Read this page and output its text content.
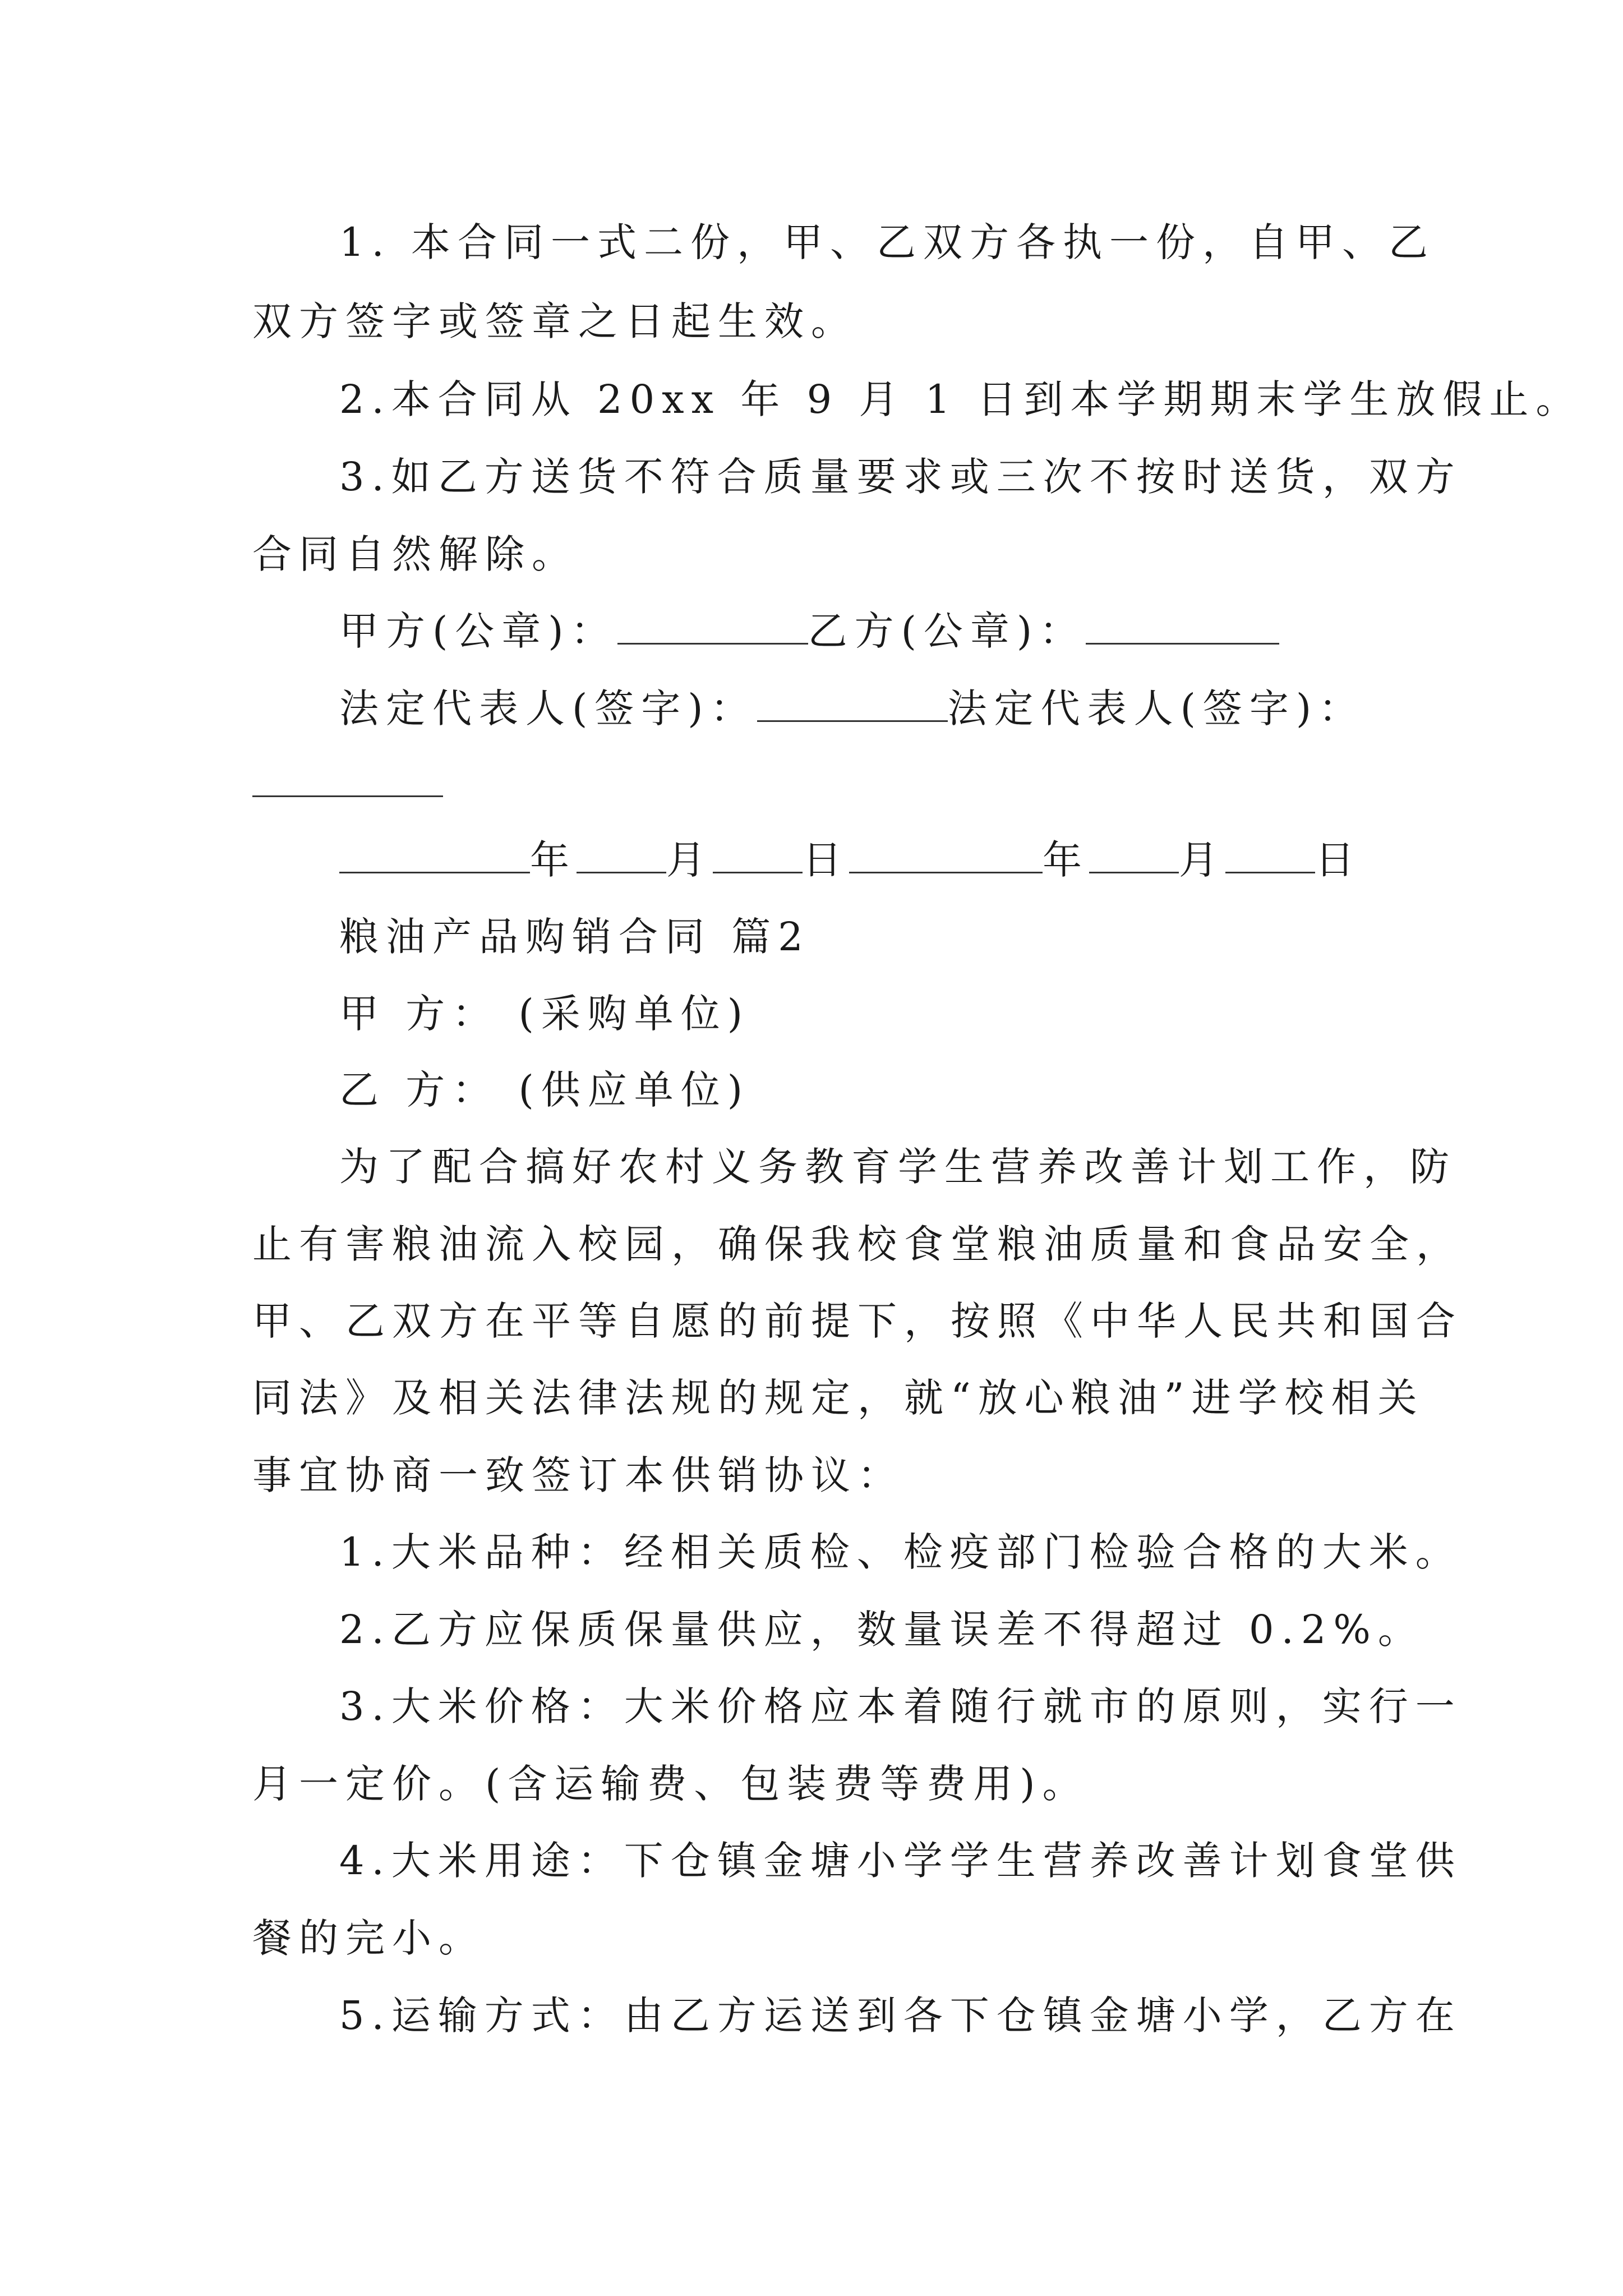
1. 本合同一式二份，甲、乙双方各执一份，自甲、乙
双方签字或签章之日起生效。
2.本合同从 20xx 年 9 月 1 日到本学期期末学生放假止。
3.如乙方送货不符合质量要求或三次不按时送货，双方
合同自然解除。
甲方(公章)：	乙方(公章)：
法定代表人(签字)：	法定代表人(签字)：
年 月 日	年 月 日
粮油产品购销合同 篇2
甲 方： (采购单位)
乙 方： (供应单位)
为了配合搞好农村义务教育学生营养改善计划工作，防
止有害粮油流入校园，确保我校食堂粮油质量和食品安全，
甲、乙双方在平等自愿的前提下，按照《中华人民共和国合
同法》及相关法律法规的规定，就“放心粮油”进学校相关
事宜协商一致签订本供销协议：
1.大米品种：经相关质检、检疫部门检验合格的大米。
2.乙方应保质保量供应，数量误差不得超过 0.2%。
3.大米价格：大米价格应本着随行就市的原则，实行一
月一定价。(含运输费、包装费等费用)。
4.大米用途：下仓镇金塘小学学生营养改善计划食堂供
餐的完小。
5.运输方式：由乙方运送到各下仓镇金塘小学，乙方在
